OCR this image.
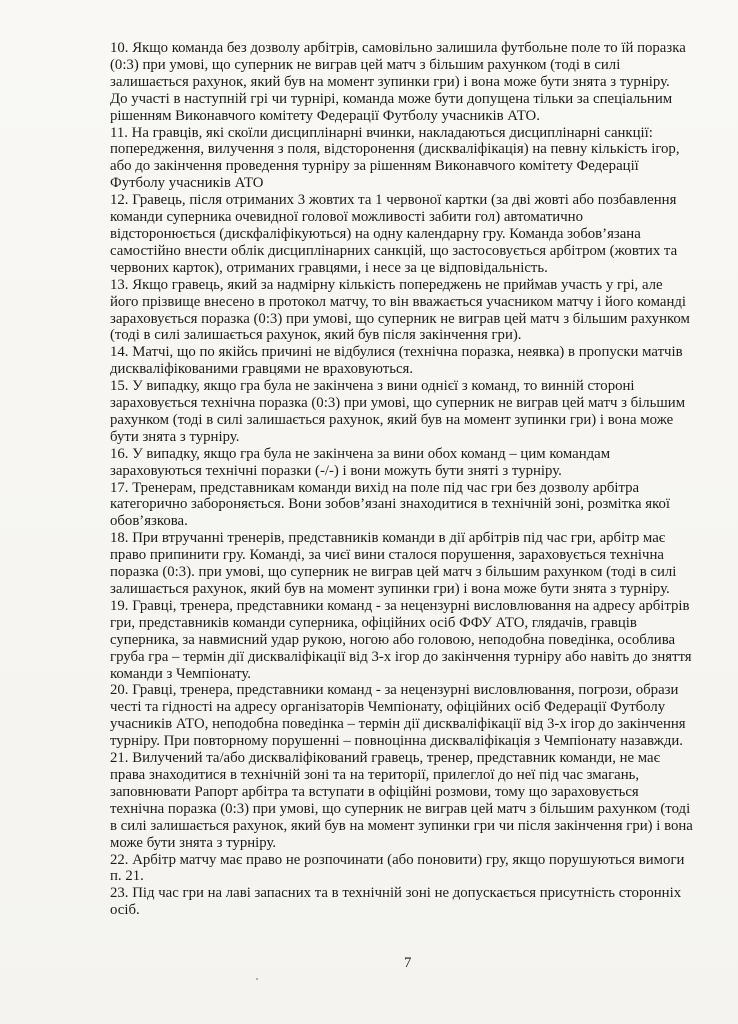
10. Якщо команда без дозволу арбітрів, самовільно залишила футбольне поле то їй поразка
(0:3) при умові, що суперник не виграв цей матч з більшим рахунком (тоді в силі
залишається рахунок, який був на момент зупинки гри) і вона може бути знята з турніру.
До участі в наступній грі чи турнірі, команда може бути допущена тільки за спеціальним
рішенням Виконавчого комітету Федерації Футболу учасників АТО.

11. На гравців, які скоїли дисциплінарні вчинки, накладаються дисциплінарні санкції:
попередження, вилучення з поля, відсторонення (дискваліфікація) на певну кількість ігор,
або до закінчення проведення турніру за рішенням Виконавчого комітету Федерації
Футболу учасників АТО

12. Гравець, після отриманих 3 жовтих та 1 червоної картки (за дві жовті або позбавлення
команди суперника очевидної голової можливості забити гол) автоматично
відсторонюється (дискфаліфікуються) на одну календарну гру. Команда зобов’язана
самостійно внести облік дисциплінарних санкцій, що застосовується арбітром (жовтих та
червоних карток), отриманих гравцями, і несе за це відповідальність.

13. Якщо гравець, який за надмірну кількість попереджень не приймав участь у грі, але
його прізвище внесено в протокол матчу, то він вважається учасником матчу і його команді
зараховується поразка (0:3) при умові, що суперник не виграв цей матч з більшим рахунком
(тоді в силі залишається рахунок, який був після закінчення гри).

14. Матчі, що по якійсь причині не відбулися (технічна поразка, неявка) в пропуски матчів
дискваліфікованими гравцями не враховуються.

15. У випадку, якщо гра була не закінчена з вини однієї з команд, то винній стороні
зараховується технічна поразка (0:3) при умові, що суперник не виграв цей матч з більшим
рахунком (тоді в силі залишається рахунок, який був на момент зупинки гри) і вона може
бути знята з турніру.

16. У випадку, якщо гра була не закінчена за вини обох команд – цим командам
зараховуються технічні поразки (-/-) і вони можуть бути зняті з турніру.

17. Тренерам, представникам команди вихід на поле під час гри без дозволу арбітра
категорично забороняється. Вони зобов’язані знаходитися в технічній зоні, розмітка якої
обов’язкова.

18. При втручанні тренерів, представників команди в дії арбітрів під час гри, арбітр має
право припинити гру. Команді, за чиєї вини сталося порушення, зараховується технічна
поразка (0:3). при умові, що суперник не виграв цей матч з більшим рахунком (тоді в силі
залишається рахунок, який був на момент зупинки гри) і вона може бути знята з турніру.

19. Гравці, тренера, представники команд - за нецензурні висловлювання на адресу арбітрів
гри, представників команди суперника, офіційних осіб ФФУ АТО, глядачів, гравців
суперника, за навмисний удар рукою, ногою або головою, неподобна поведінка, особлива
груба гра – термін дії дискваліфікації від 3-х ігор до закінчення турніру або навіть до зняття
команди з Чемпіонату.

20. Гравці, тренера, представники команд - за нецензурні висловлювання, погрози, образи
честі та гідності на адресу організаторів Чемпіонату, офіційних осіб Федерації Футболу
учасників АТО, неподобна поведінка – термін дії дискваліфікації від 3-х ігор до закінчення
турніру. При повторному порушенні – повноцінна дискваліфікація з Чемпіонату назавжди.

21. Вилучений та/або дискваліфікований гравець, тренер, представник команди, не має
права знаходитися в технічній зоні та на території, прилеглої до неї під час змагань,
заповнювати Рапорт арбітра та вступати в офіційні розмови, тому що зараховується
технічна поразка (0:3) при умові, що суперник не виграв цей матч з більшим рахунком (тоді
в силі залишається рахунок, який був на момент зупинки гри чи після закінчення гри) і вона
може бути знята з турніру.

22. Арбітр матчу має право не розпочинати (або поновити) гру, якщо порушуються вимоги
п. 21.

23. Під час гри на лаві запасних та в технічній зоні не допускається присутність сторонніх
осіб.

7
